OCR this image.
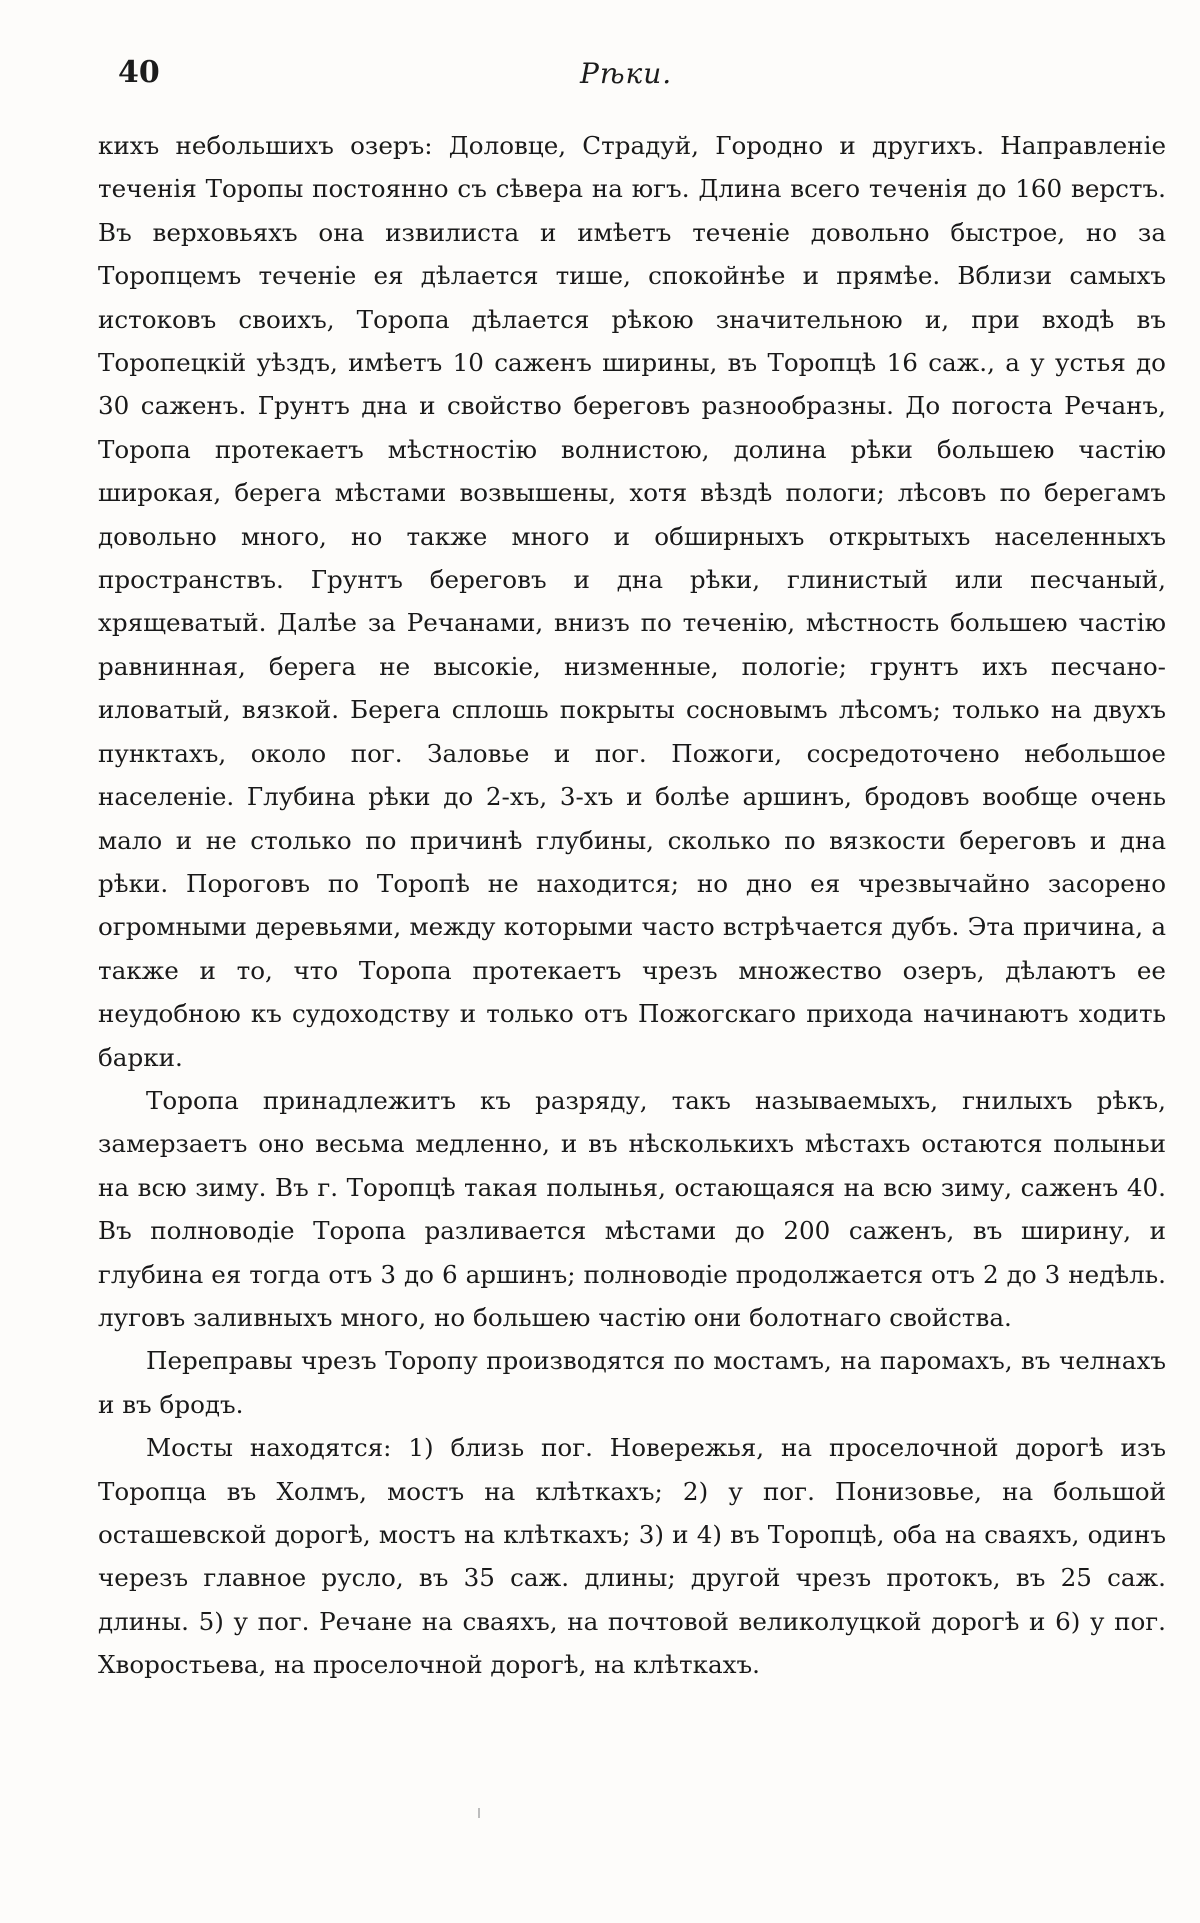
40	Рѣки.

кихъ небольшихъ озеръ: Доловце, Страдуй, Городно и другихъ. Направленіе теченія Торопы постоянно съ сѣвера на югъ. Длина всего теченія до 160 верстъ. Въ верховьяхъ она извилиста и имѣетъ теченіе довольно быстрое, но за Торопцемъ теченіе ея дѣлается тише, спокойнѣе и прямѣе. Вблизи самыхъ истоковъ своихъ, Торопа дѣлается рѣкою значительною и, при входѣ въ Торопецкій уѣздъ, имѣетъ 10 саженъ ширины, въ Торопцѣ 16 саж., а у устья до 30 саженъ. Грунтъ дна и свойство береговъ разнообразны. До погоста Речанъ, Торопа протекаетъ мѣстностію волнистою, долина рѣки большею частію широкая, берега мѣстами возвышены, хотя вѣздѣ пологи; лѣсовъ по берегамъ довольно много, но также много и обширныхъ открытыхъ населенныхъ пространствъ. Грунтъ береговъ и дна рѣки, глинистый или песчаный, хрящеватый. Далѣе за Речанами, внизъ по теченію, мѣстность большею частію равнинная, берега не высокіе, низменные, пологіе; грунтъ ихъ песчано-иловатый, вязкой. Берега сплошь покрыты сосновымъ лѣсомъ; только на двухъ пунктахъ, около пог. Заловье и пог. Пожоги, сосредоточено небольшое населеніе. Глубина рѣки до 2-хъ, 3-хъ и болѣе аршинъ, бродовъ вообще очень мало и не столько по причинѣ глубины, сколько по вязкости береговъ и дна рѣки. Пороговъ по Торопѣ не находится; но дно ея чрезвычайно засорено огромными деревьями, между которыми часто встрѣчается дубъ. Эта причина, а также и то, что Торопа протекаетъ чрезъ множество озеръ, дѣлаютъ ее неудобною къ судоходству и только отъ Пожогскаго прихода начинаютъ ходить барки.

Торопа принадлежитъ къ разряду, такъ называемыхъ, гнилыхъ рѣкъ, замерзаетъ оно весьма медленно, и въ нѣсколькихъ мѣстахъ остаются полыньи на всю зиму. Въ г. Торопцѣ такая полынья, остающаяся на всю зиму, саженъ 40. Въ полноводіе Торопа разливается мѣстами до 200 саженъ, въ ширину, и глубина ея тогда отъ 3 до 6 аршинъ; полноводіе продолжается отъ 2 до 3 недѣль. луговъ заливныхъ много, но большею частію они болотнаго свойства.

Переправы чрезъ Торопу производятся по мостамъ, на паромахъ, въ челнахъ и въ бродъ.

Мосты находятся: 1) близь пог. Новережья, на проселочной дорогѣ изъ Торопца въ Холмъ, мостъ на клѣткахъ; 2) у пог. Понизовье, на большой осташевской дорогѣ, мостъ на клѣткахъ; 3) и 4) въ Торопцѣ, оба на сваяхъ, одинъ черезъ главное русло, въ 35 саж. длины; другой чрезъ протокъ, въ 25 саж. длины. 5) у пог. Речане на сваяхъ, на почтовой великолуцкой дорогѣ и 6) у пог. Хворостьева, на проселочной дорогѣ, на клѣткахъ.
